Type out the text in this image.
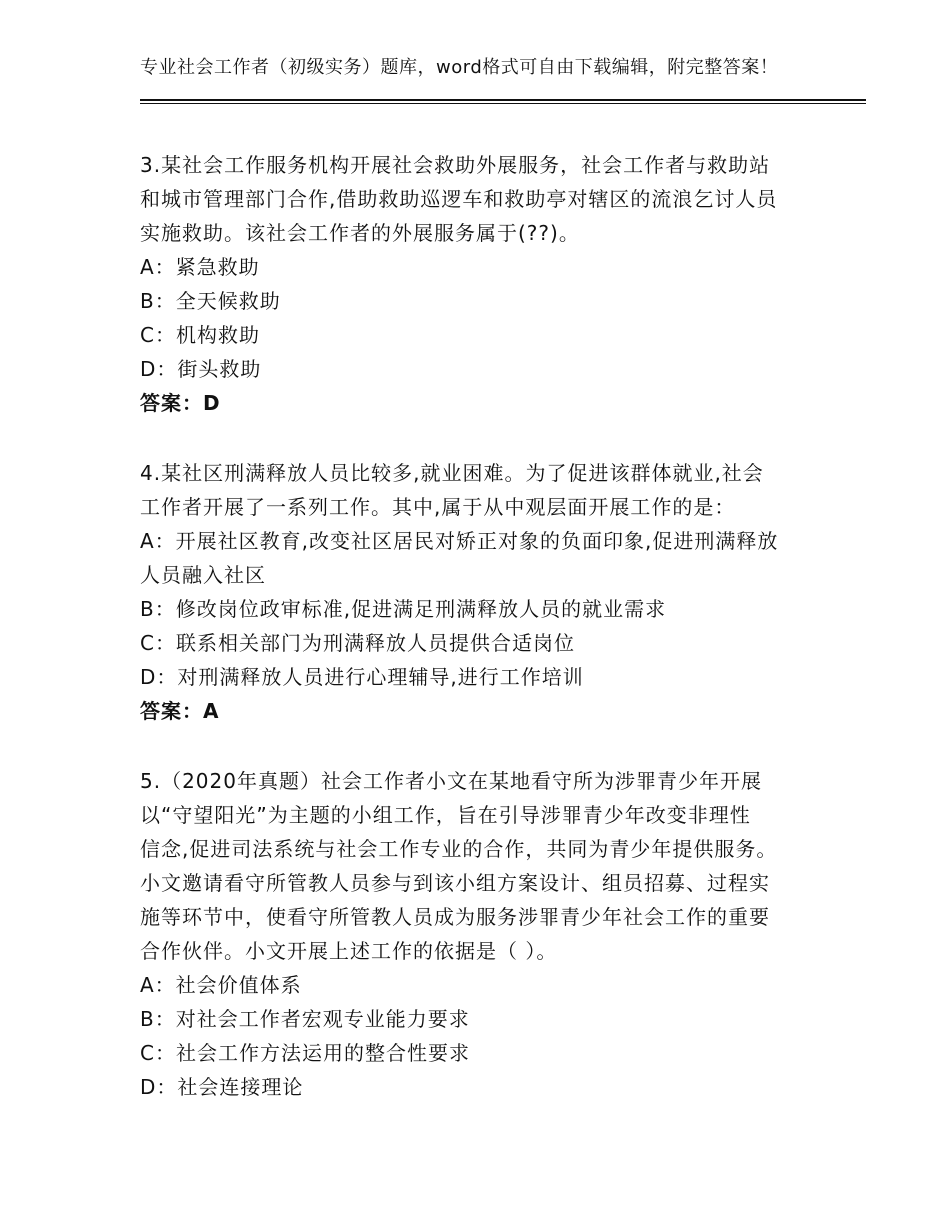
专业社会工作者（初级实务）题库，word格式可自由下载编辑，附完整答案！
3.某社会工作服务机构开展社会救助外展服务，社会工作者与救助站
和城市管理部门合作,借助救助巡逻车和救助亭对辖区的流浪乞讨人员
实施救助。该社会工作者的外展服务属于(??)。
A：紧急救助
B：全天候救助
C：机构救助
D：街头救助
答案：D
4.某社区刑满释放人员比较多,就业困难。为了促进该群体就业,社会
工作者开展了一系列工作。其中,属于从中观层面开展工作的是：
A：开展社区教育,改变社区居民对矫正对象的负面印象,促进刑满释放
人员融入社区
B：修改岗位政审标准,促进满足刑满释放人员的就业需求
C：联系相关部门为刑满释放人员提供合适岗位
D：对刑满释放人员进行心理辅导,进行工作培训
答案：A
5.（2020年真题）社会工作者小文在某地看守所为涉罪青少年开展
以“守望阳光”为主题的小组工作，旨在引导涉罪青少年改变非理性
信念,促进司法系统与社会工作专业的合作，共同为青少年提供服务。
小文邀请看守所管教人员参与到该小组方案设计、组员招募、过程实
施等环节中，使看守所管教人员成为服务涉罪青少年社会工作的重要
合作伙伴。小文开展上述工作的依据是（ ）。
A：社会价值体系
B：对社会工作者宏观专业能力要求
C：社会工作方法运用的整合性要求
D：社会连接理论
